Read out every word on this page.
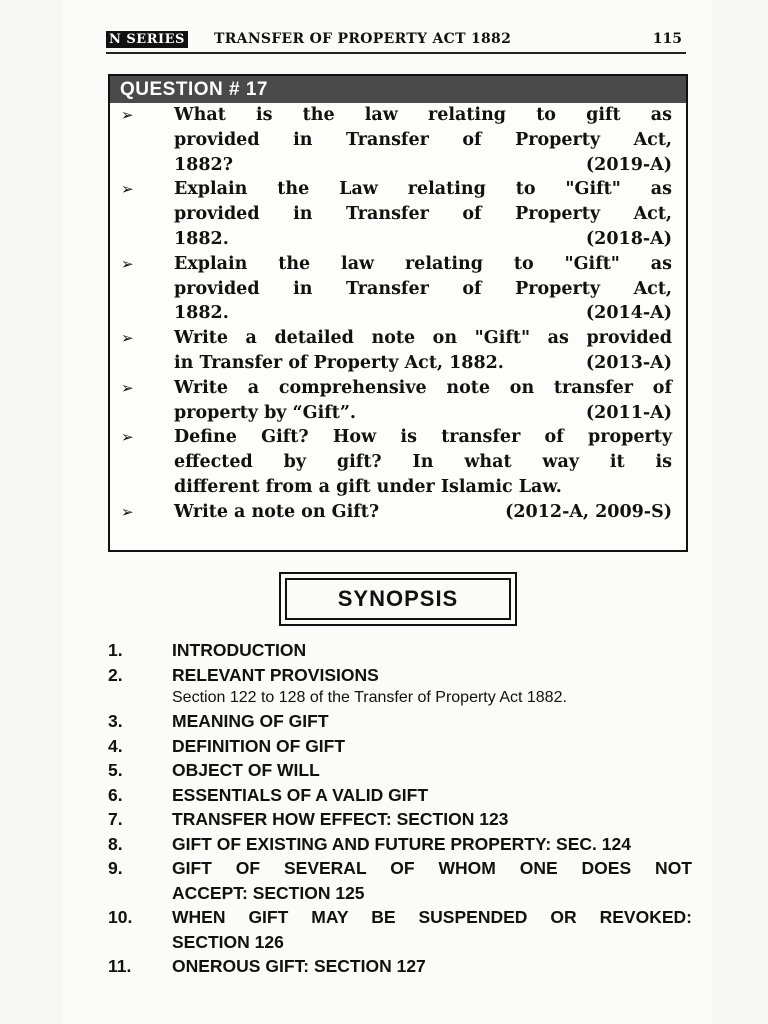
N SERIES TRANSFER OF PROPERTY ACT 1882	115
QUESTION # 17
➢ What is the law relating to gift as
provided in Transfer of Property Act,
1882?	(2019-A)
➢ Explain the Law relating to "Gift" as
provided in Transfer of Property Act,
1882.	(2018-A)
➢ Explain the law relating to "Gift" as
provided in Transfer of Property Act,
1882.	(2014-A)
➢ Write a detailed note on "Gift" as provided
in Transfer of Property Act, 1882.	(2013-A)
➢ Write a comprehensive note on transfer of
property by “Gift”.	(2011-A)
➢ Define Gift? How is transfer of property
effected by gift? In what way it is
different from a gift under Islamic Law.
➢ Write a note on Gift?	(2012-A, 2009-S)
SYNOPSIS
1.	INTRODUCTION
2.	RELEVANT PROVISIONS
Section 122 to 128 of the Transfer of Property Act 1882.
3.	MEANING OF GIFT
4.	DEFINITION OF GIFT
5.	OBJECT OF WILL
6.	ESSENTIALS OF A VALID GIFT
7.	TRANSFER HOW EFFECT: SECTION 123
8.	GIFT OF EXISTING AND FUTURE PROPERTY: SEC. 124
9.	GIFT OF SEVERAL OF WHOM ONE DOES NOT
ACCEPT: SECTION 125
10. WHEN GIFT MAY BE SUSPENDED OR REVOKED:
SECTION 126
11. ONEROUS GIFT: SECTION 127
